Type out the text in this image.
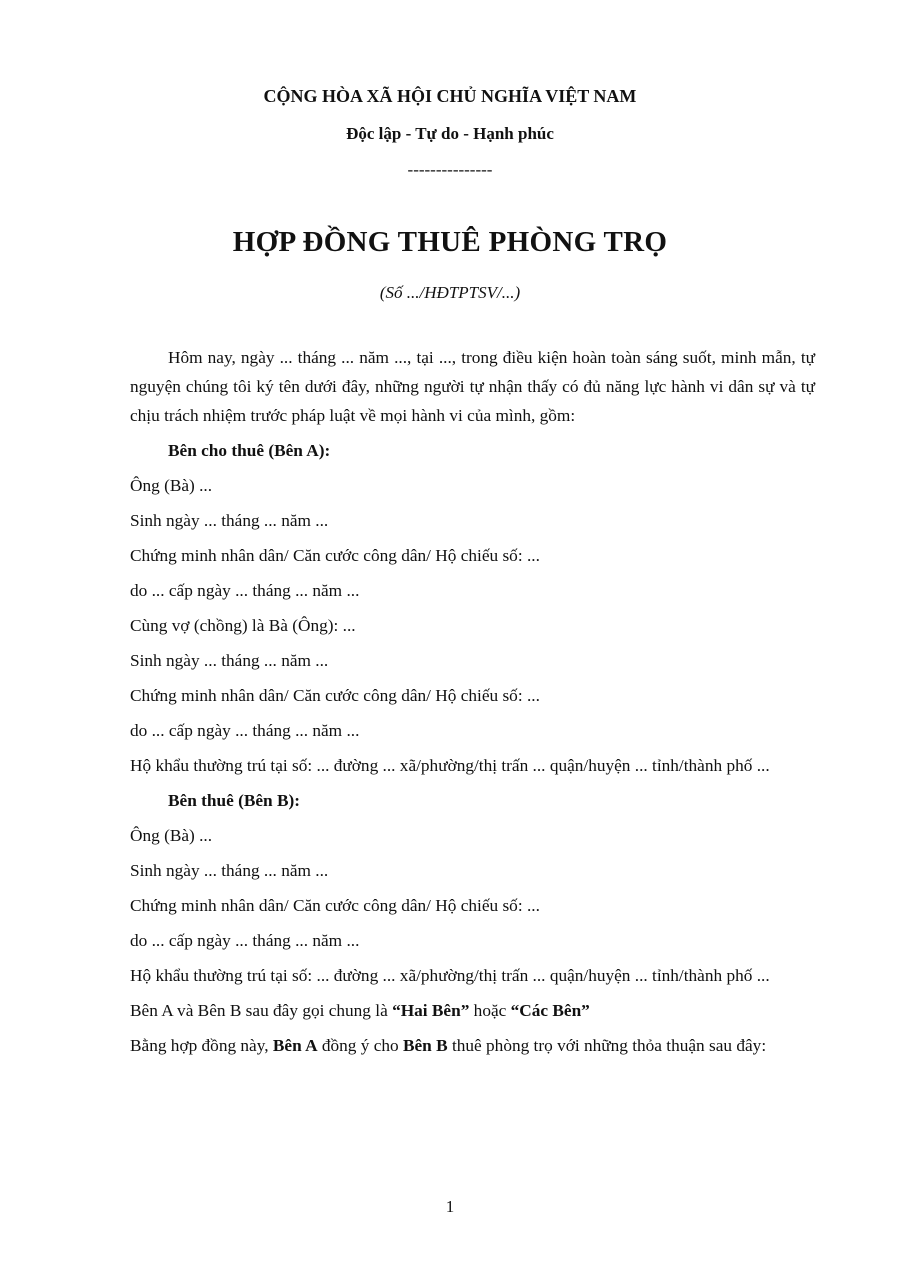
CỘNG HÒA XÃ HỘI CHỦ NGHĨA VIỆT NAM
Độc lập - Tự do - Hạnh phúc
---------------
HỢP ĐỒNG THUÊ PHÒNG TRỌ
(Số .../HĐTPTSV/...)

Hôm nay, ngày ... tháng ... năm ..., tại ..., trong điều kiện hoàn toàn sáng suốt, minh mẫn, tự nguyện chúng tôi ký tên dưới đây, những người tự nhận thấy có đủ năng lực hành vi dân sự và tự chịu trách nhiệm trước pháp luật về mọi hành vi của mình, gồm:

Bên cho thuê (Bên A):

Ông (Bà) ...

Sinh ngày ... tháng ... năm ...

Chứng minh nhân dân/ Căn cước công dân/ Hộ chiếu số: ...

do ... cấp ngày ... tháng ... năm ...

Cùng vợ (chồng) là Bà (Ông): ...

Sinh ngày ... tháng ... năm ...

Chứng minh nhân dân/ Căn cước công dân/ Hộ chiếu số: ...

do ... cấp ngày ... tháng ... năm ...

Hộ khẩu thường trú tại số: ... đường ... xã/phường/thị trấn ... quận/huyện ... tỉnh/thành phố ...

Bên thuê (Bên B):

Ông (Bà) ...

Sinh ngày ... tháng ... năm ...

Chứng minh nhân dân/ Căn cước công dân/ Hộ chiếu số: ...

do ... cấp ngày ... tháng ... năm ...

Hộ khẩu thường trú tại số: ... đường ... xã/phường/thị trấn ... quận/huyện ... tỉnh/thành phố ...

Bên A và Bên B sau đây gọi chung là “Hai Bên” hoặc “Các Bên”

Bằng hợp đồng này, Bên A đồng ý cho Bên B thuê phòng trọ với những thỏa thuận sau đây:

1
